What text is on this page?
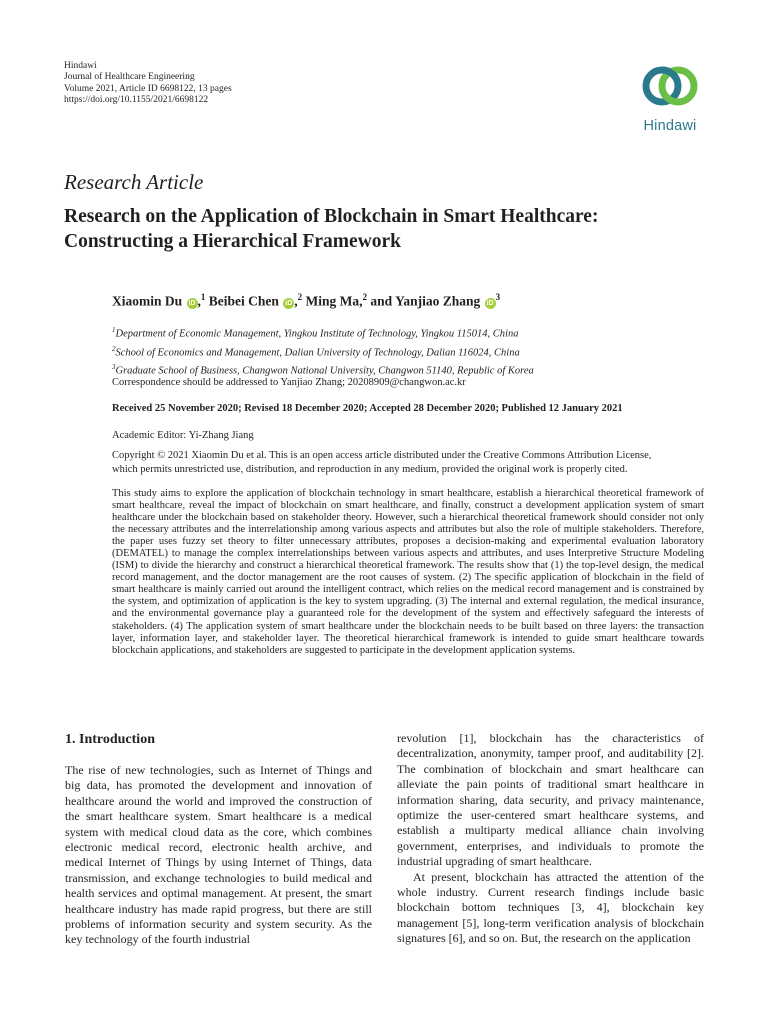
Hindawi
Journal of Healthcare Engineering
Volume 2021, Article ID 6698122, 13 pages
https://doi.org/10.1155/2021/6698122
Hindawi
Research Article
Research on the Application of Blockchain in Smart Healthcare: Constructing a Hierarchical Framework
Xiaomin Du iD ,$^1$ Beibei Chen iD ,$^2$ Ming Ma,$^2$ and Yanjiao Zhang $iD^3$
$^1$Department of Economic Management, Yingkou Institute of Technology, Yingkou 115014, China
$^2$School of Economics and Management, Dalian University of Technology, Dalian 116024, China
$^3$Graduate School of Business, Changwon National University, Changwon 51140, Republic of Korea
Correspondence should be addressed to Yanjiao Zhang; 20208909@changwon.ac.kr
Received 25 November 2020; Revised 18 December 2020; Accepted 28 December 2020; Published 12 January 2021
Academic Editor: Yi-Zhang Jiang
Copyright © 2021 Xiaomin Du et al. This is an open access article distributed under the Creative Commons Attribution License,
which permits unrestricted use, distribution, and reproduction in any medium, provided the original work is properly cited.
This study aims to explore the application of blockchain technology in smart healthcare, establish a hierarchical theoretical framework of smart healthcare, reveal the impact of blockchain on smart healthcare, and finally, construct a development application system of smart healthcare under the blockchain based on stakeholder theory. However, such a hierarchical theoretical framework should consider not only the necessary attributes and the interrelationship among various aspects and attributes but also the role of multiple stakeholders. Therefore, the paper uses fuzzy set theory to filter unnecessary attributes, proposes a decision-making and experimental evaluation laboratory (DEMATEL) to manage the complex interrelationships between various aspects and attributes, and uses Interpretive Structure Modeling (ISM) to divide the hierarchy and construct a hierarchical theoretical framework. The results show that (1) the top-level design, the medical record management, and the doctor management are the root causes of system. (2) The specific application of blockchain in the field of smart healthcare is mainly carried out around the intelligent contract, which relies on the medical record management and is constrained by the system, and optimization of application is the key to system upgrading. (3) The internal and external regulation, the medical insurance, and the environmental governance play a guaranteed role for the development of the system and effectively safeguard the interests of stakeholders. (4) The application system of smart healthcare under the blockchain needs to be built based on three layers: the transaction layer, information layer, and stakeholder layer. The theoretical hierarchical framework is intended to guide smart healthcare towards blockchain applications, and stakeholders are suggested to participate in the development application systems.
1. Introduction

The rise of new technologies, such as Internet of Things and big data, has promoted the development and innovation of healthcare around the world and improved the construction of the smart healthcare system. Smart healthcare is a medical system with medical cloud data as the core, which combines electronic medical record, electronic health archive, and medical Internet of Things by using Internet of Things, data transmission, and exchange technologies to build medical and health services and optimal management. At present, the smart healthcare industry has made rapid progress, but there are still problems of information security and system security. As the key technology of the fourth industrial

revolution [1], blockchain has the characteristics of decentralization, anonymity, tamper proof, and auditability [2]. The combination of blockchain and smart healthcare can alleviate the pain points of traditional smart healthcare in information sharing, data security, and privacy maintenance, optimize the user-centered smart healthcare systems, and establish a multiparty medical alliance chain involving government, enterprises, and individuals to promote the industrial upgrading of smart healthcare.

At present, blockchain has attracted the attention of the whole industry. Current research findings include basic blockchain bottom techniques [3, 4], blockchain key management [5], long-term verification analysis of blockchain signatures [6], and so on. But, the research on the application
